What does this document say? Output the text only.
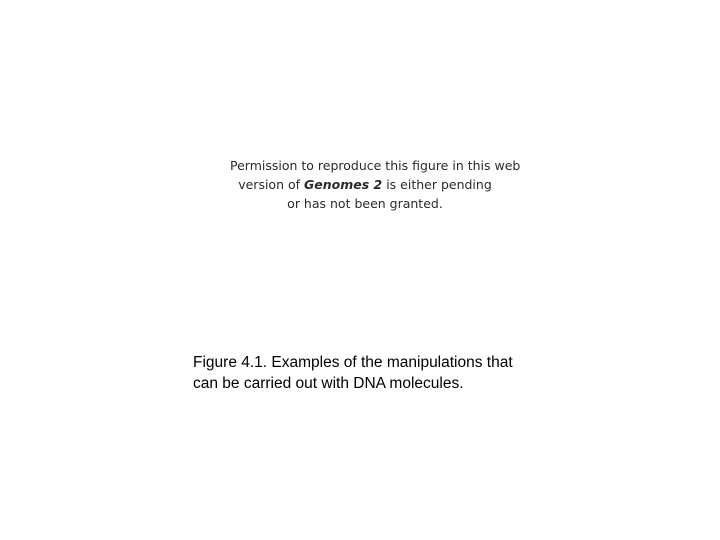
Permission to reproduce this figure in this web
version of Genomes 2 is either pending
or has not been granted.
Figure 4.1. Examples of the manipulations that
can be carried out with DNA molecules.
